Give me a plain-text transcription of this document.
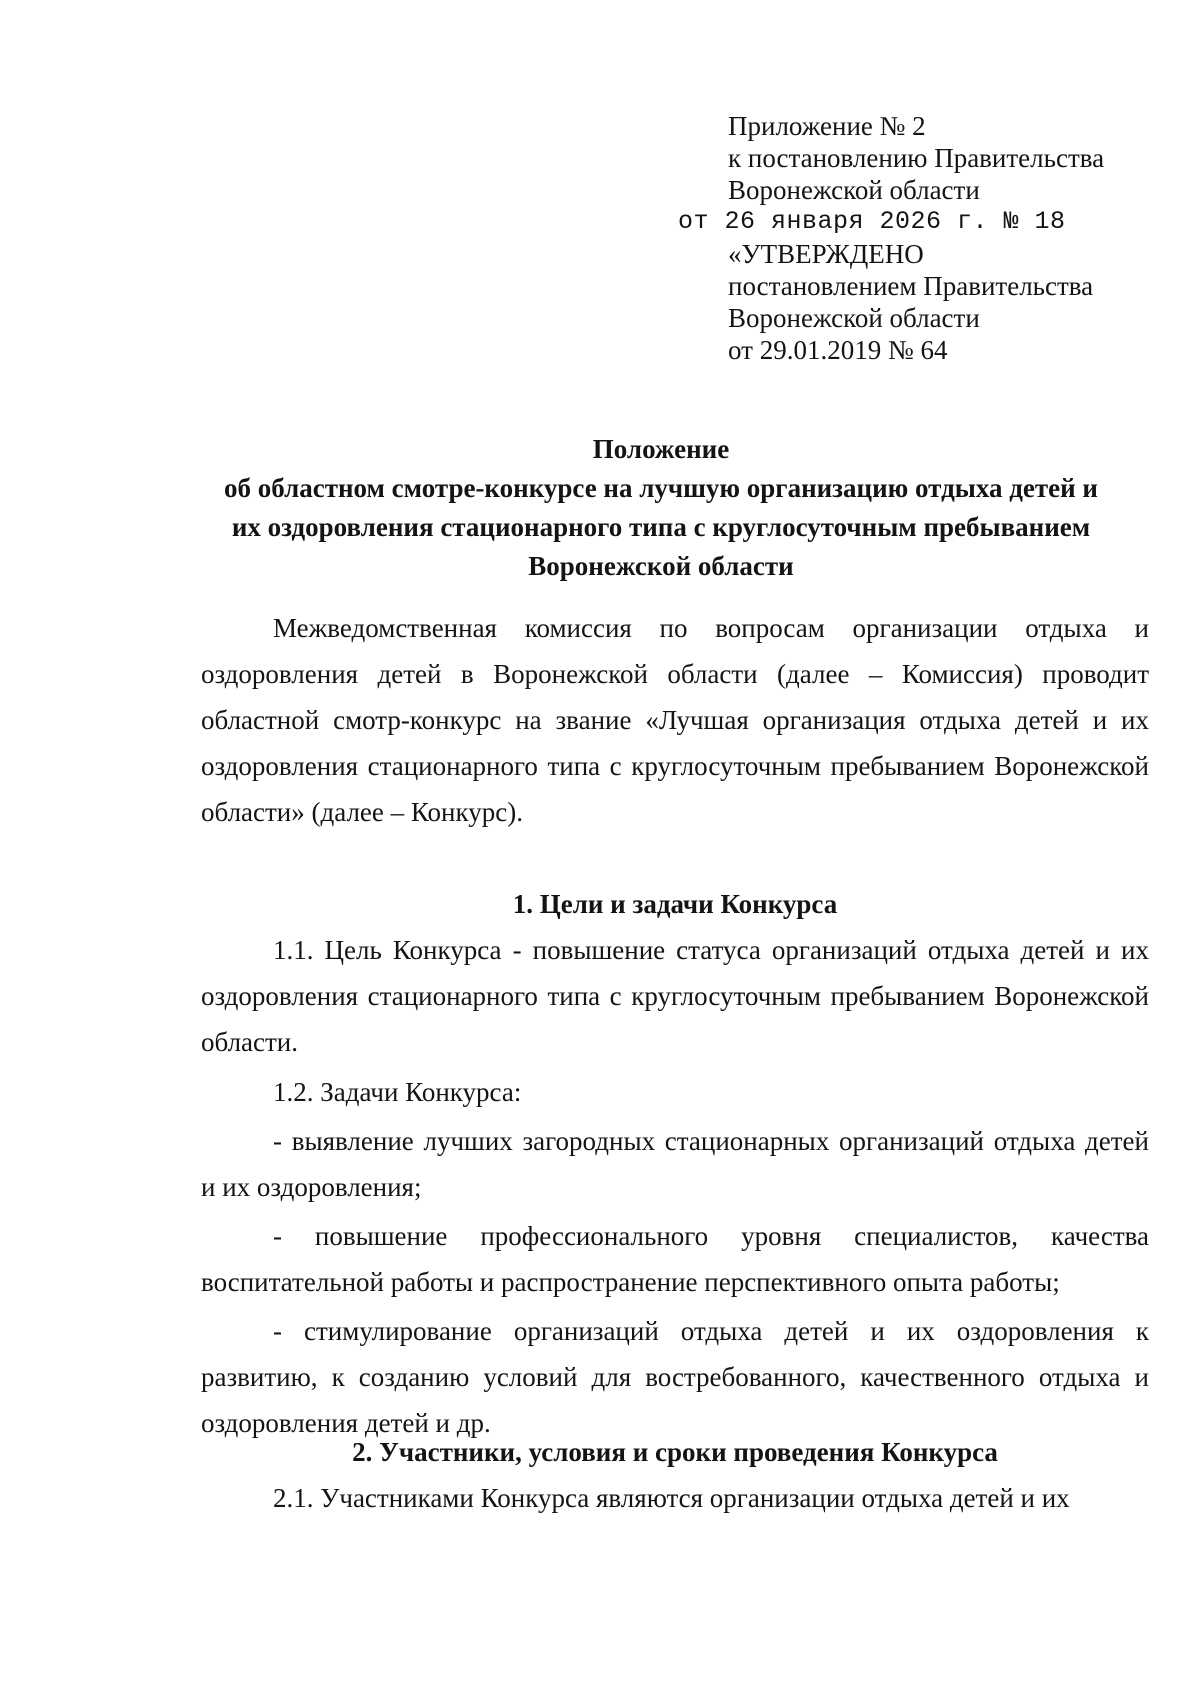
Приложение № 2
к постановлению Правительства
Воронежской области
от 26 января 2026 г. № 18
«УТВЕРЖДЕНО
постановлением Правительства
Воронежской области
от 29.01.2019 № 64
Положение
об областном смотре-конкурсе на лучшую организацию отдыха детей и
их оздоровления стационарного типа с круглосуточным пребыванием
Воронежской области

Межведомственная комиссия по вопросам организации отдыха и оздоровления детей в Воронежской области (далее – Комиссия) проводит областной смотр-конкурс на звание «Лучшая организация отдыха детей и их оздоровления стационарного типа с круглосуточным пребыванием Воронежской области» (далее – Конкурс).

1. Цели и задачи Конкурса

1.1. Цель Конкурса - повышение статуса организаций отдыха детей и их оздоровления стационарного типа с круглосуточным пребыванием Воронежской области.

1.2. Задачи Конкурса:

- выявление лучших загородных стационарных организаций отдыха детей и их оздоровления;

- повышение профессионального уровня специалистов, качества воспитательной работы и распространение перспективного опыта работы;

- стимулирование организаций отдыха детей и их оздоровления к развитию, к созданию условий для востребованного, качественного отдыха и оздоровления детей и др.

2. Участники, условия и сроки проведения Конкурса

2.1. Участниками Конкурса являются организации отдыха детей и их
